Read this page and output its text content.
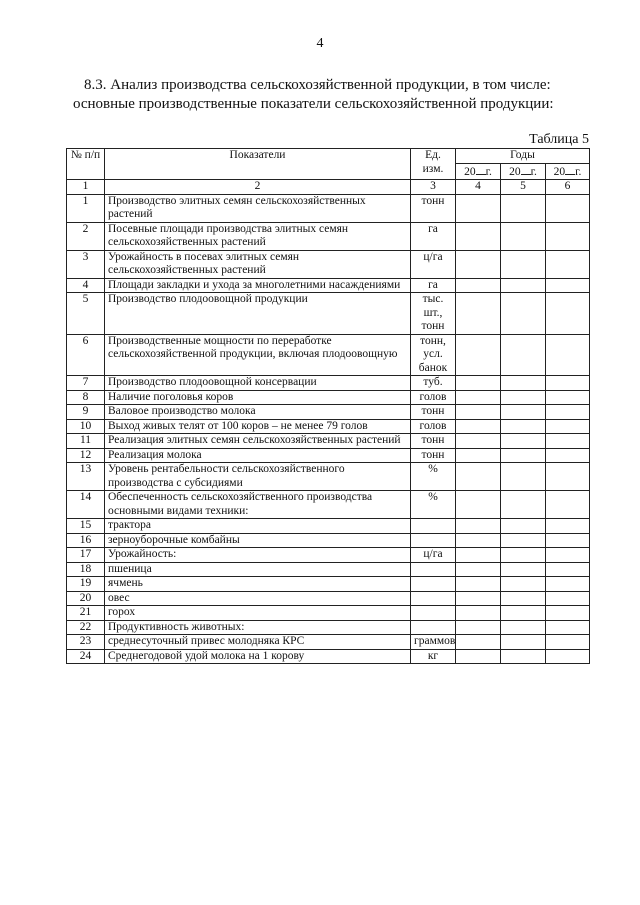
4
8.3. Анализ производства сельскохозяйственной продукции, в том числе:
основные производственные показатели сельскохозяйственной продукции:
Таблица 5
№ п/п	Показатели	Ед. изм.	Годы		
			20 г.	20 г.	20 г.
1	2	3	4	5	6
1	Производство элитных семян сельскохозяйственных растений	тонн			
2	Посевные площади производства элитных семян сельскохозяйственных растений	га			
3	Урожайность в посевах элитных семян сельскохозяйственных растений	ц/га			
4	Площади закладки и ухода за многолетними насаждениями	га			
5	Производство плодоовощной продукции	тыс. шт., тонн			
6	Производственные мощности по переработке сельскохозяйственной продукции, включая плодоовощную	тонн, усл. банок			
7	Производство плодоовощной консервации	туб.			
8	Наличие поголовья коров	голов			
9	Валовое производство молока	тонн			
10	Выход живых телят от 100 коров – не менее 79 голов	голов			
11	Реализация элитных семян сельскохозяйственных растений	тонн			
12	Реализация молока	тонн			
13	Уровень рентабельности сельскохозяйственного производства с субсидиями	%			
14	Обеспеченность сельскохозяйственного производства основными видами техники:	%			
15	трактора				
16	зерноуборочные комбайны				
17	Урожайность:	ц/га			
18	пшеница				
19	ячмень				
20	овес				
21	горох				
22	Продуктивность животных:				
23	среднесуточный привес молодняка КРС	граммов			
24	Среднегодовой удой молока на 1 корову	кг			
